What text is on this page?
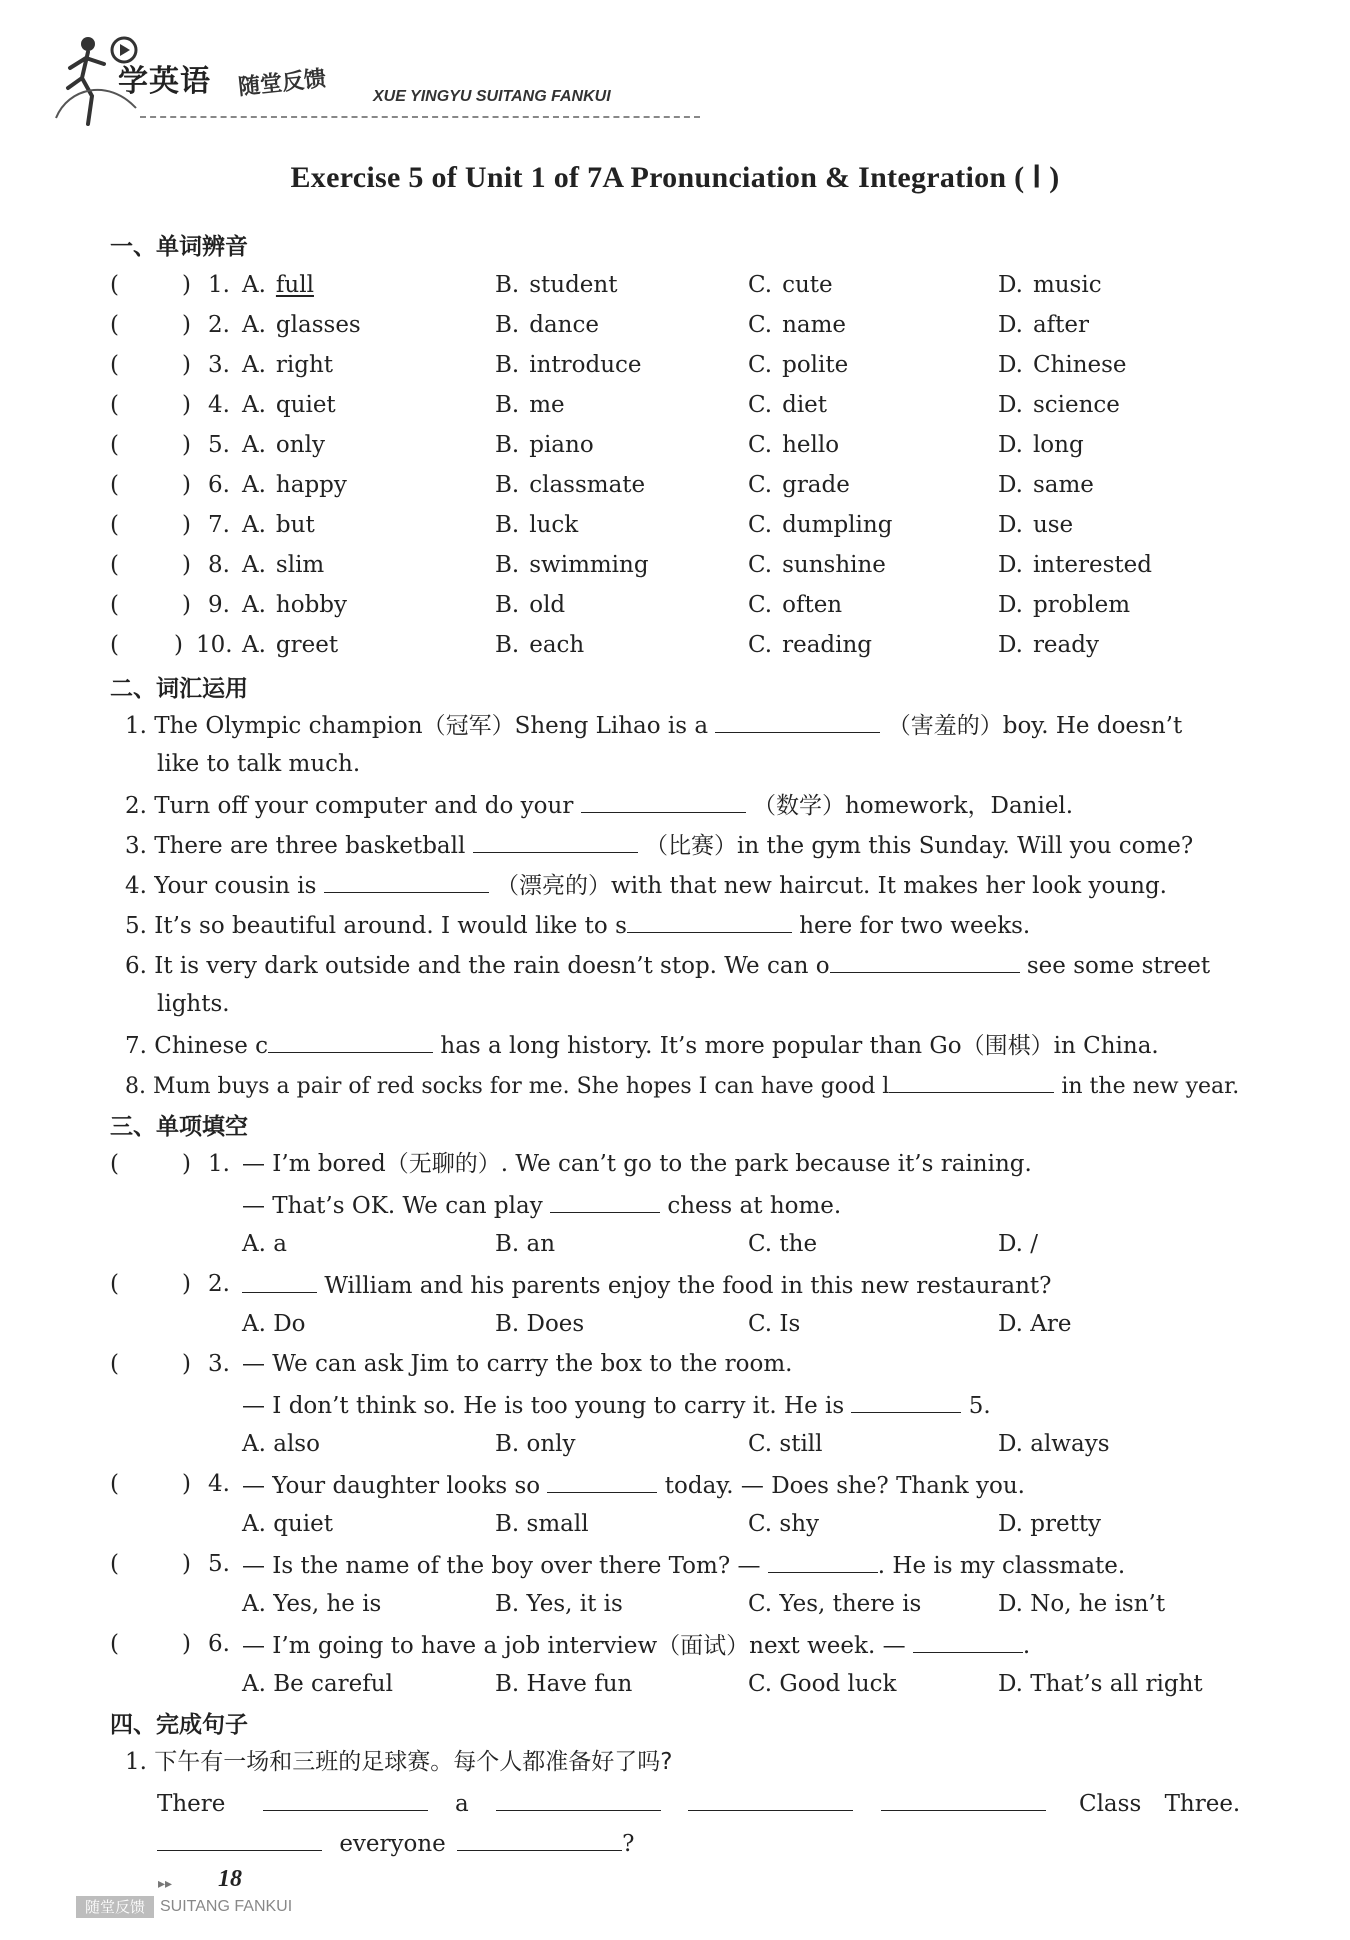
学英语 随堂反馈	XUE YINGYU SUITANG FANKUI
Exercise 5 of Unit 1 of 7A Pronunciation & Integration ( Ⅰ )
一、单词辨音
(	) 1. A. full	B. student	C. cute	D. music
(	) 2. A. glasses	B. dance	C. name	D. after
(	) 3. A. right	B. introduce	C. polite	D. Chinese
(	) 4. A. quiet	B. me	C. diet	D. science
(	) 5. A. only	B. piano	C. hello	D. long
(	) 6. A. happy	B. classmate	C. grade	D. same
(	) 7. A. but	B. luck	C. dumpling	D. use
(	) 8. A. slim	B. swimming	C. sunshine	D. interested
(	) 9. A. hobby	B. old	C. often	D. problem
( ) 10. A. greet	B. each	C. reading	D. ready
二、词汇运用
1. The Olympic champion（冠军）Sheng Lihao is a	（害羞的）boy. He doesn’t
like to talk much.
2. Turn off your computer and do your	（数学）homework，Daniel.
3. There are three basketball	（比赛）in the gym this Sunday. Will you come?
4. Your cousin is	（漂亮的）with that new haircut. It makes her look young.
5. It’s so beautiful around. I would like to s	here for two weeks.
6. It is very dark outside and the rain doesn’t stop. We can o	see some street
lights.
7. Chinese c	has a long history. It’s more popular than Go（围棋）in China.
8. Mum buys a pair of red socks for me. She hopes I can have good l	in the new year.
三、单项填空
(	) 1. — I’m bored（无聊的）. We can’t go to the park because it’s raining.
— That’s OK. We can play	chess at home.
A. a	B. an	C. the	D. /
(	) 2.	William and his parents enjoy the food in this new restaurant?
A. Do	B. Does	C. Is	D. Are
(	) 3. — We can ask Jim to carry the box to the room.
— I don’t think so. He is too young to carry it. He is	5.
A. also	B. only	C. still	D. always
(	) 4. — Your daughter looks so	today. — Does she? Thank you.
A. quiet	B. small	C. shy	D. pretty
(	) 5. — Is the name of the boy over there Tom? —	. He is my classmate.
A. Yes, he is	B. Yes, it is	C. Yes, there is	D. No, he isn’t
(	) 6. — I’m going to have a job interview（面试）next week. —	.
A. Be careful	B. Have fun	C. Good luck	D. That’s all right
四、完成句子
1. 下午有一场和三班的足球赛。每个人都准备好了吗?
There	a	Class Three.
everyone	?
▸▸ 18
随堂反馈 SUITANG FANKUI
